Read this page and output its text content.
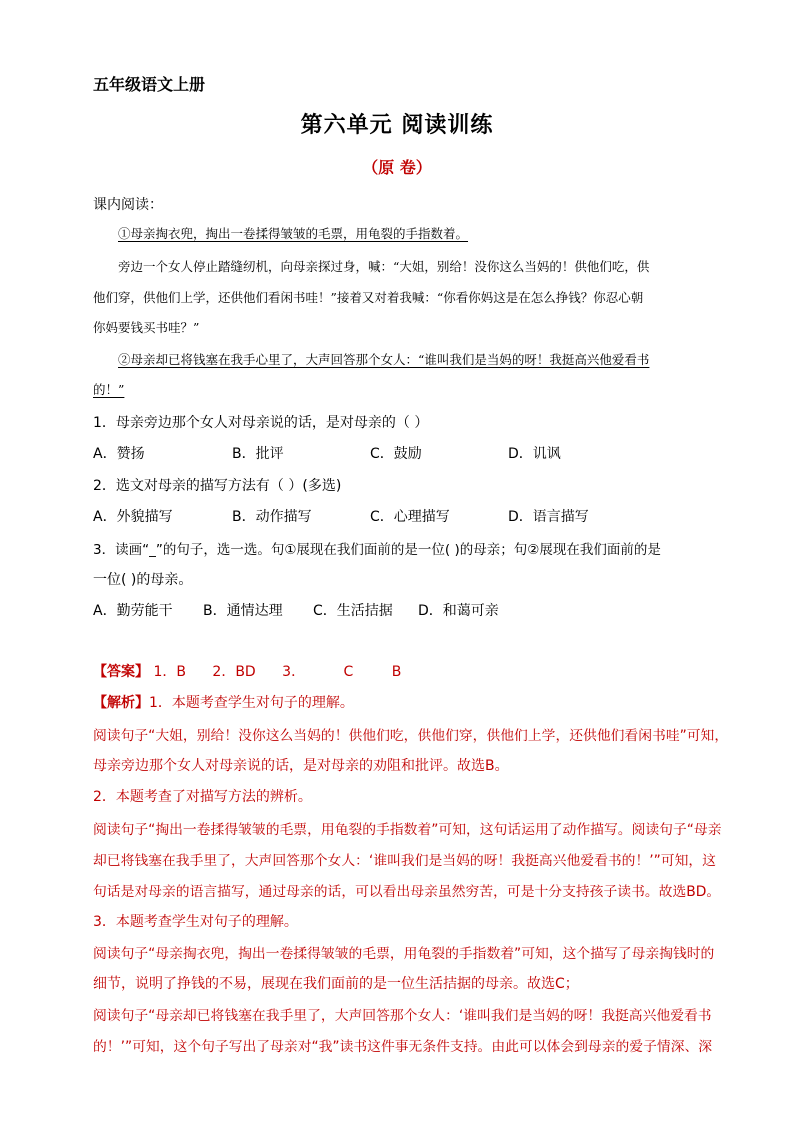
五年级语文上册
第六单元 阅读训练
（原 卷）
课内阅读：
①母亲掏衣兜，掏出一卷揉得皱皱的毛票，用龟裂的手指数着。
旁边一个女人停止踏缝纫机，向母亲探过身，喊：“大姐，别给！没你这么当妈的！供他们吃，供
他们穿，供他们上学，还供他们看闲书哇！”接着又对着我喊：“你看你妈这是在怎么挣钱？你忍心朝
你妈要钱买书哇？”
②母亲却已将钱塞在我手心里了，大声回答那个女人：“谁叫我们是当妈的呀！我挺高兴他爱看书
的！”
1．母亲旁边那个女人对母亲说的话，是对母亲的（ ）
A．赞扬	B．批评	C．鼓励	D．讥讽
2．选文对母亲的描写方法有（ ）(多选)
A．外貌描写	B．动作描写	C．心理描写	D．语言描写
3．读画“_”的句子，选一选。句①展现在我们面前的是一位( )的母亲；句②展现在我们面前的是
一位( )的母亲。
A．勤劳能干 B．通情达理 C．生活拮据 D．和蔼可亲
【答案】 1．B 2．BD 3．	C	B
【解析】1．本题考查学生对句子的理解。
阅读句子“大姐，别给！没你这么当妈的！供他们吃，供他们穿，供他们上学，还供他们看闲书哇”可知，
母亲旁边那个女人对母亲说的话，是对母亲的劝阻和批评。故选B。
2．本题考查了对描写方法的辨析。
阅读句子“掏出一卷揉得皱皱的毛票，用龟裂的手指数着”可知，这句话运用了动作描写。阅读句子“母亲
却已将钱塞在我手里了，大声回答那个女人：‘谁叫我们是当妈的呀！我挺高兴他爱看书的！’”可知，这
句话是对母亲的语言描写，通过母亲的话，可以看出母亲虽然穷苦，可是十分支持孩子读书。故选BD。
3．本题考查学生对句子的理解。
阅读句子“母亲掏衣兜，掏出一卷揉得皱皱的毛票，用龟裂的手指数着”可知，这个描写了母亲掏钱时的
细节，说明了挣钱的不易，展现在我们面前的是一位生活拮据的母亲。故选C；
阅读句子“母亲却已将钱塞在我手里了，大声回答那个女人：‘谁叫我们是当妈的呀！我挺高兴他爱看书
的！’”可知，这个句子写出了母亲对“我”读书这件事无条件支持。由此可以体会到母亲的爱子情深、深
